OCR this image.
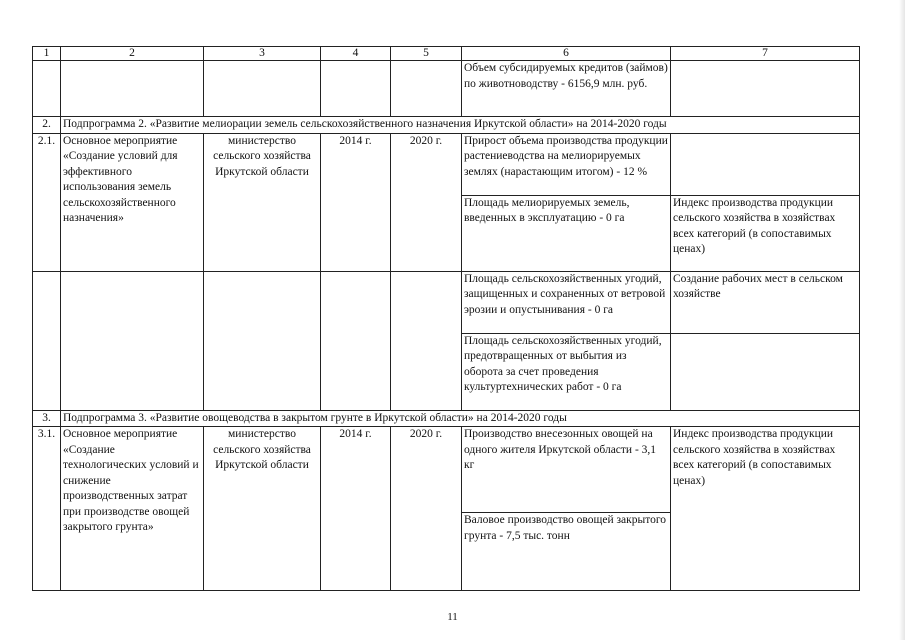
1	2	3	4	5	6	7
					Объем субсидируемых кредитов (займов) по животноводству - 6156,9 млн. руб.	
2.	Подпрограмма 2. «Развитие мелиорации земель сельскохозяйственного назначения Иркутской области» на 2014-2020 годы					
2.1.	Основное мероприятие «Создание условий для эффективного использования земель сельскохозяйственного назначения»	министерство сельского хозяйства Иркутской области	2014 г.	2020 г.	Прирост объема производства продукции растениеводства на мелиорируемых землях (нарастающим итогом) - 12 %	
					Площадь мелиорируемых земель, введенных в эксплуатацию - 0 га	Индекс производства продукции сельского хозяйства в хозяйствах всех категорий (в сопоставимых ценах)
					Площадь сельскохозяйственных угодий, защищенных и сохраненных от ветровой эрозии и опустынивания - 0 га	Создание рабочих мест в сельском хозяйстве
					Площадь сельскохозяйственных угодий, предотвращенных от выбытия из оборота за счет проведения культуртехнических работ - 0 га	
3.	Подпрограмма 3. «Развитие овощеводства в закрытом грунте в Иркутской области» на 2014-2020 годы					
3.1.	Основное мероприятие «Создание технологических условий и снижение производственных затрат при производстве овощей закрытого грунта»	министерство сельского хозяйства Иркутской области	2014 г.	2020 г.	Производство внесезонных овощей на одного жителя Иркутской области - 3,1 кг	Индекс производства продукции сельского хозяйства в хозяйствах всех категорий (в сопоставимых ценах)
					Валовое производство овощей закрытого грунта - 7,5 тыс. тонн	
11
